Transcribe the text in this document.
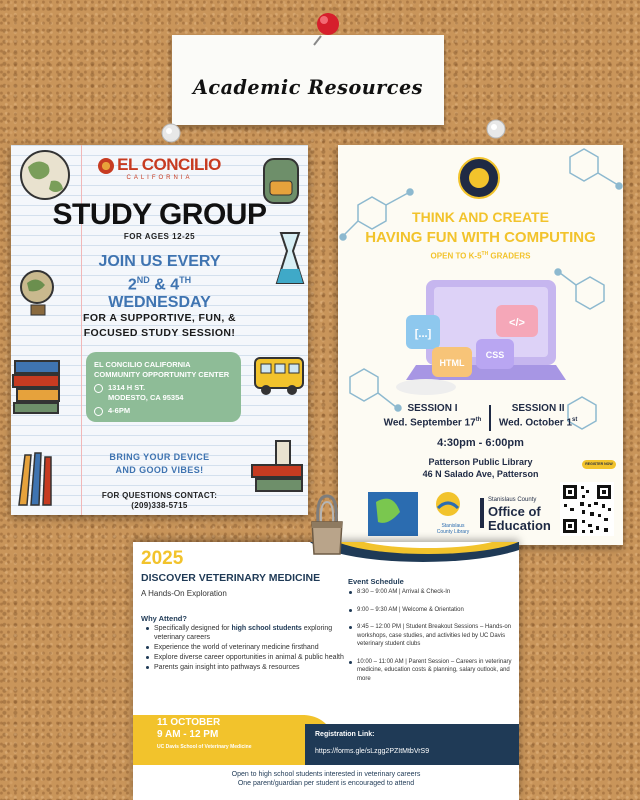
Academic Resources
EL CONCILIO
CALIFORNIA
STUDY GROUP
FOR AGES 12-25
JOIN US EVERY
2ND & 4TH
WEDNESDAY
FOR A SUPPORTIVE, FUN, &
FOCUSED STUDY SESSION!
EL CONCILIO CALIFORNIA
COMMUNITY OPPORTUNITY CENTER
1314 H ST.
MODESTO, CA 95354
4-6PM
BRING YOUR DEVICE
AND GOOD VIBES!
FOR QUESTIONS CONTACT:
(209)338-5715
THINK AND CREATE
HAVING FUN WITH COMPUTING
OPEN TO K-5TH GRADERS
[...]
</>
HTML
CSS
SESSION I
Wed. September 17th
SESSION II
Wed. October 1st
4:30pm - 6:00pm
Patterson Public Library
46 N Salado Ave, Patterson
REGISTER NOW
Stanislaus County Library
Stanislaus County
Office of
Education
2025
DISCOVER VETERINARY MEDICINE
A Hands-On Exploration
Why Attend?
Specifically designed for high school students exploring veterinary careers
Experience the world of veterinary medicine firsthand
Explore diverse career opportunities in animal & public health
Parents gain insight into pathways & resources
Event Schedule
8:30 – 9:00 AM | Arrival & Check-In
9:00 – 9:30 AM | Welcome & Orientation
9:45 – 12:00 PM | Student Breakout Sessions – Hands-on workshops, case studies, and activities led by UC Davis veterinary student clubs
10:00 – 11:00 AM | Parent Session – Careers in veterinary medicine, education costs & planning, salary outlook, and more
11 OCTOBER
9 AM - 12 PM
UC Davis School of Veterinary Medicine
Registration Link:
https://forms.gle/sLzgg2PZItMtbVrS9
Open to high school students interested in veterinary careers
One parent/guardian per student is encouraged to attend
